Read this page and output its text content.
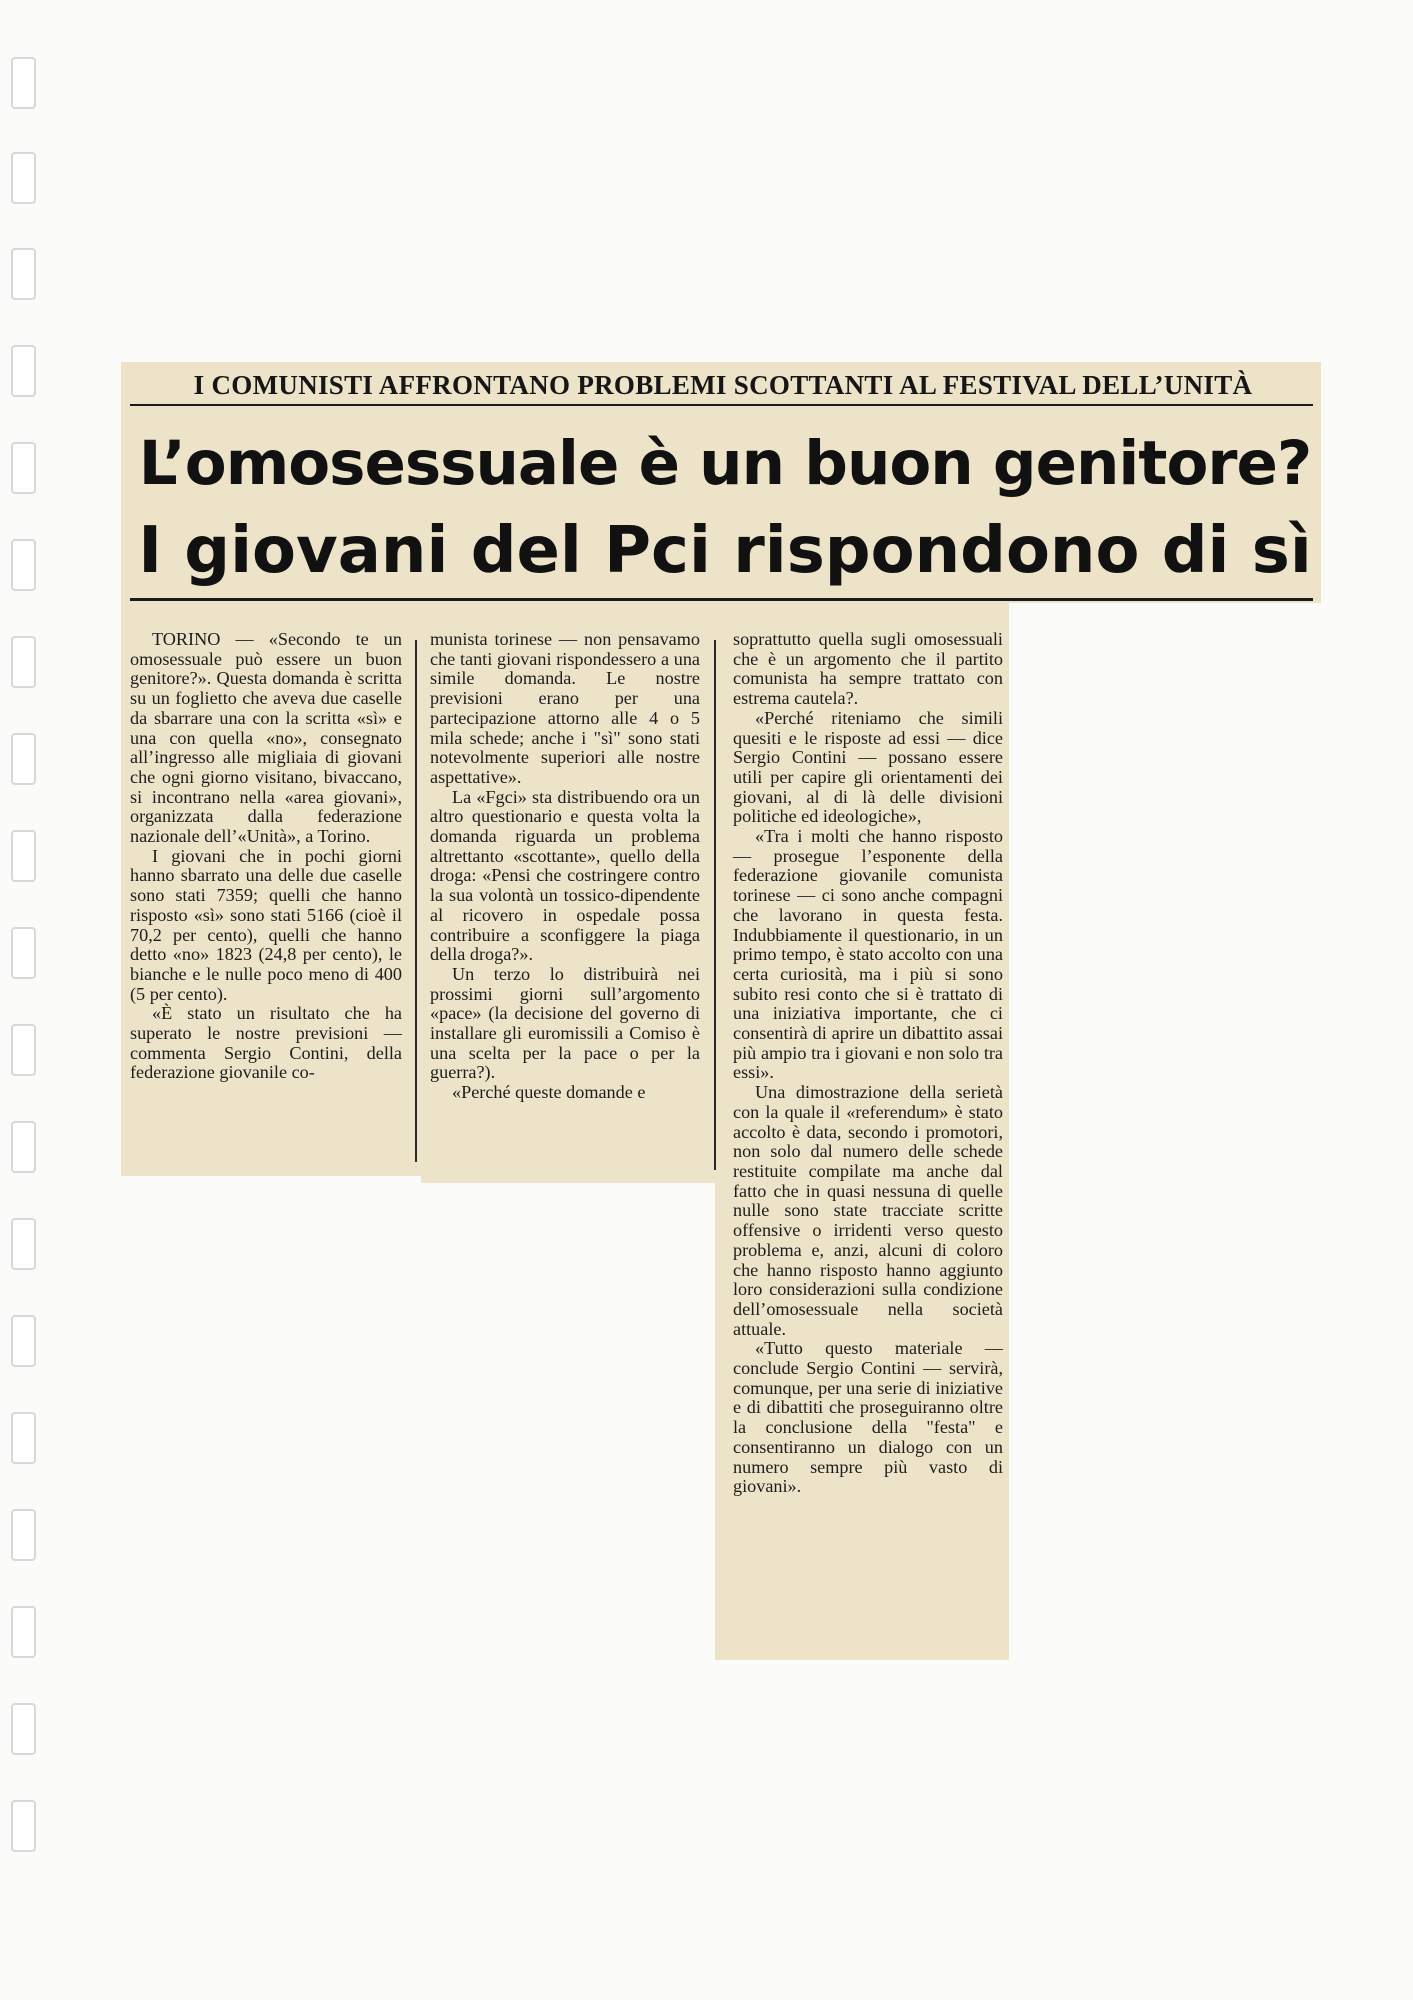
I COMUNISTI AFFRONTANO PROBLEMI SCOTTANTI AL FESTIVAL DELL’UNITÀ
L’omosessuale è un buon genitore?
I giovani del Pci rispondono di sì

TORINO — «Secondo te un omosessuale può essere un buon genitore?». Questa domanda è scritta su un foglietto che aveva due caselle da sbarrare una con la scritta «sì» e una con quella «no», consegnato all’ingresso alle migliaia di giovani che ogni giorno visitano, bivaccano, si incontrano nella «area giovani», organizzata dalla federazione nazionale dell’«Unità», a Torino.

I giovani che in pochi giorni hanno sbarrato una delle due caselle sono stati 7359; quelli che hanno risposto «sì» sono stati 5166 (cioè il 70,2 per cento), quelli che hanno detto «no» 1823 (24,8 per cento), le bianche e le nulle poco meno di 400 (5 per cento).

«È stato un risultato che ha superato le nostre previsioni — commenta Sergio Contini, della federazione giovanile co-

munista torinese — non pensavamo che tanti giovani rispondessero a una simile domanda. Le nostre previsioni erano per una partecipazione attorno alle 4 o 5 mila schede; anche i "sì" sono stati notevolmente superiori alle nostre aspettative».

La «Fgci» sta distribuendo ora un altro questionario e questa volta la domanda riguarda un problema altrettanto «scottante», quello della droga: «Pensi che costringere contro la sua volontà un tossico-dipendente al ricovero in ospedale possa contribuire a sconfiggere la piaga della droga?».

Un terzo lo distribuirà nei prossimi giorni sull’argomento «pace» (la decisione del governo di installare gli euromissili a Comiso è una scelta per la pace o per la guerra?).

«Perché queste domande e

soprattutto quella sugli omosessuali che è un argomento che il partito comunista ha sempre trattato con estrema cautela?.

«Perché riteniamo che simili quesiti e le risposte ad essi — dice Sergio Contini — possano essere utili per capire gli orientamenti dei giovani, al di là delle divisioni politiche ed ideologiche»,

«Tra i molti che hanno risposto — prosegue l’esponente della federazione giovanile comunista torinese — ci sono anche compagni che lavorano in questa festa. Indubbiamente il questionario, in un primo tempo, è stato accolto con una certa curiosità, ma i più si sono subito resi conto che si è trattato di una iniziativa importante, che ci consentirà di aprire un dibattito assai più ampio tra i giovani e non solo tra essi».

Una dimostrazione della serietà con la quale il «referendum» è stato accolto è data, secondo i promotori, non solo dal numero delle schede restituite compilate ma anche dal fatto che in quasi nessuna di quelle nulle sono state tracciate scritte offensive o irridenti verso questo problema e, anzi, alcuni di coloro che hanno risposto hanno aggiunto loro considerazioni sulla condizione dell’omosessuale nella società attuale.

«Tutto questo materiale — conclude Sergio Contini — servirà, comunque, per una serie di iniziative e di dibattiti che proseguiranno oltre la conclusione della "festa" e consentiranno un dialogo con un numero sempre più vasto di giovani».
